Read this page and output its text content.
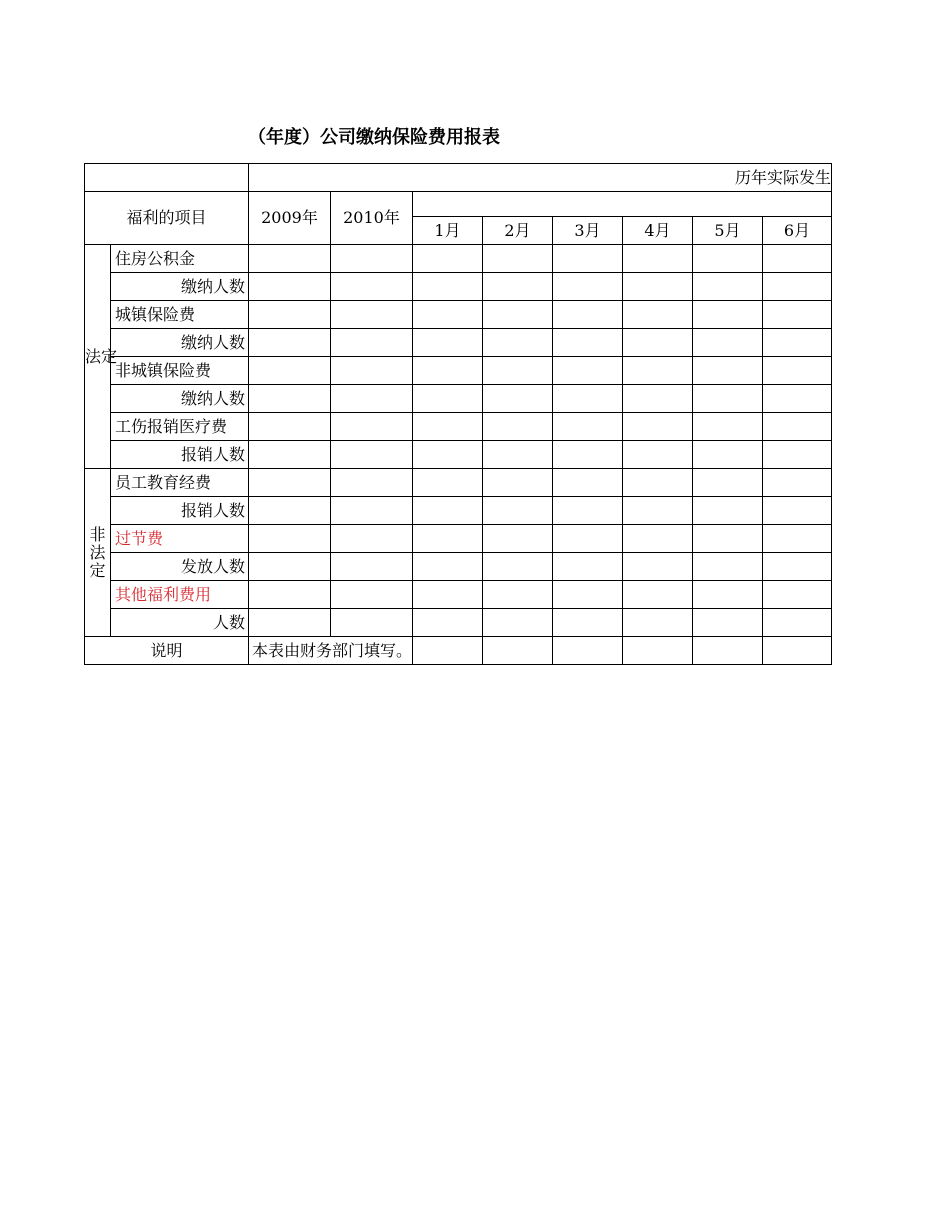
（年度）公司缴纳保险费用报表
		历年实际发生							
福利的项目		2009年	2010年						
				1月	2月	3月	4月	5月	6月
法定	住房公积金								
	缴纳人数								
	城镇保险费								
	缴纳人数								
	非城镇保险费								
	缴纳人数								
	工伤报销医疗费								
	报销人数								
非法定	员工教育经费								
	报销人数								
	过节费								
	发放人数								
	其他福利费用								
	人数								
说明		本表由财务部门填写。							
